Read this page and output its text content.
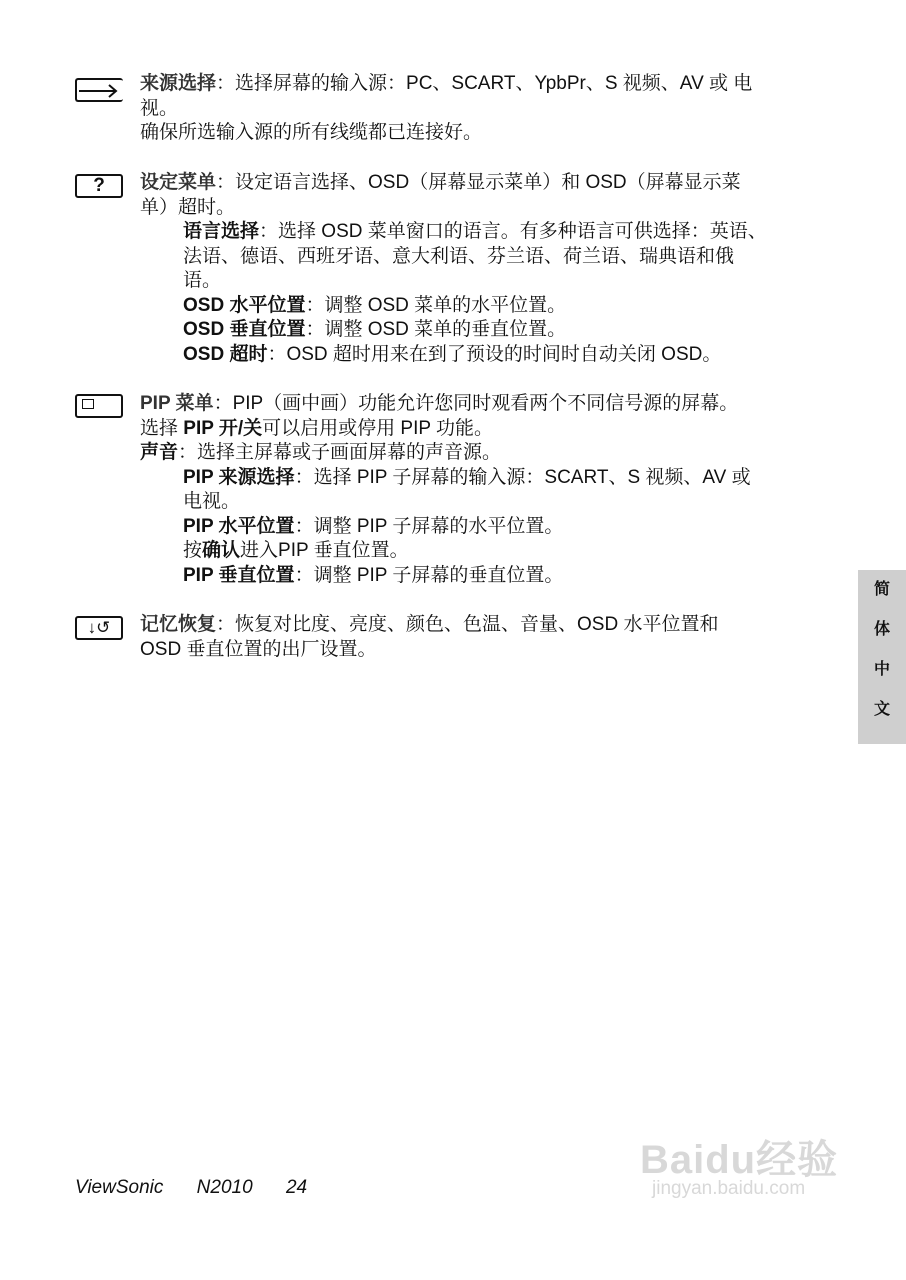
来源选择：选择屏幕的输入源：PC、SCART、YpbPr、S 视频、AV 或 电
视。
确保所选输入源的所有线缆都已连接好。
?	设定菜单：设定语言选择、OSD（屏幕显示菜单）和 OSD（屏幕显示菜
单）超时。
语言选择：选择 OSD 菜单窗口的语言。有多种语言可供选择：英语、
法语、德语、西班牙语、意大利语、芬兰语、荷兰语、瑞典语和俄
语。
OSD 水平位置：调整 OSD 菜单的水平位置。
OSD 垂直位置：调整 OSD 菜单的垂直位置。
OSD 超时：OSD 超时用来在到了预设的时间时自动关闭 OSD。
PIP 菜单：PIP（画中画）功能允许您同时观看两个不同信号源的屏幕。
选择 PIP 开/关可以启用或停用 PIP 功能。
声音：选择主屏幕或子画面屏幕的声音源。
PIP 来源选择：选择 PIP 子屏幕的输入源：SCART、S 视频、AV 或
电视。
PIP 水平位置：调整 PIP 子屏幕的水平位置。
按确认进入PIP 垂直位置。
PIP 垂直位置：调整 PIP 子屏幕的垂直位置。
↓↺	记忆恢复：恢复对比度、亮度、颜色、色温、音量、OSD 水平位置和
OSD 垂直位置的出厂设置。
简
体
中
文
ViewSonic N2010 24
Baidu经验
jingyan.baidu.com
